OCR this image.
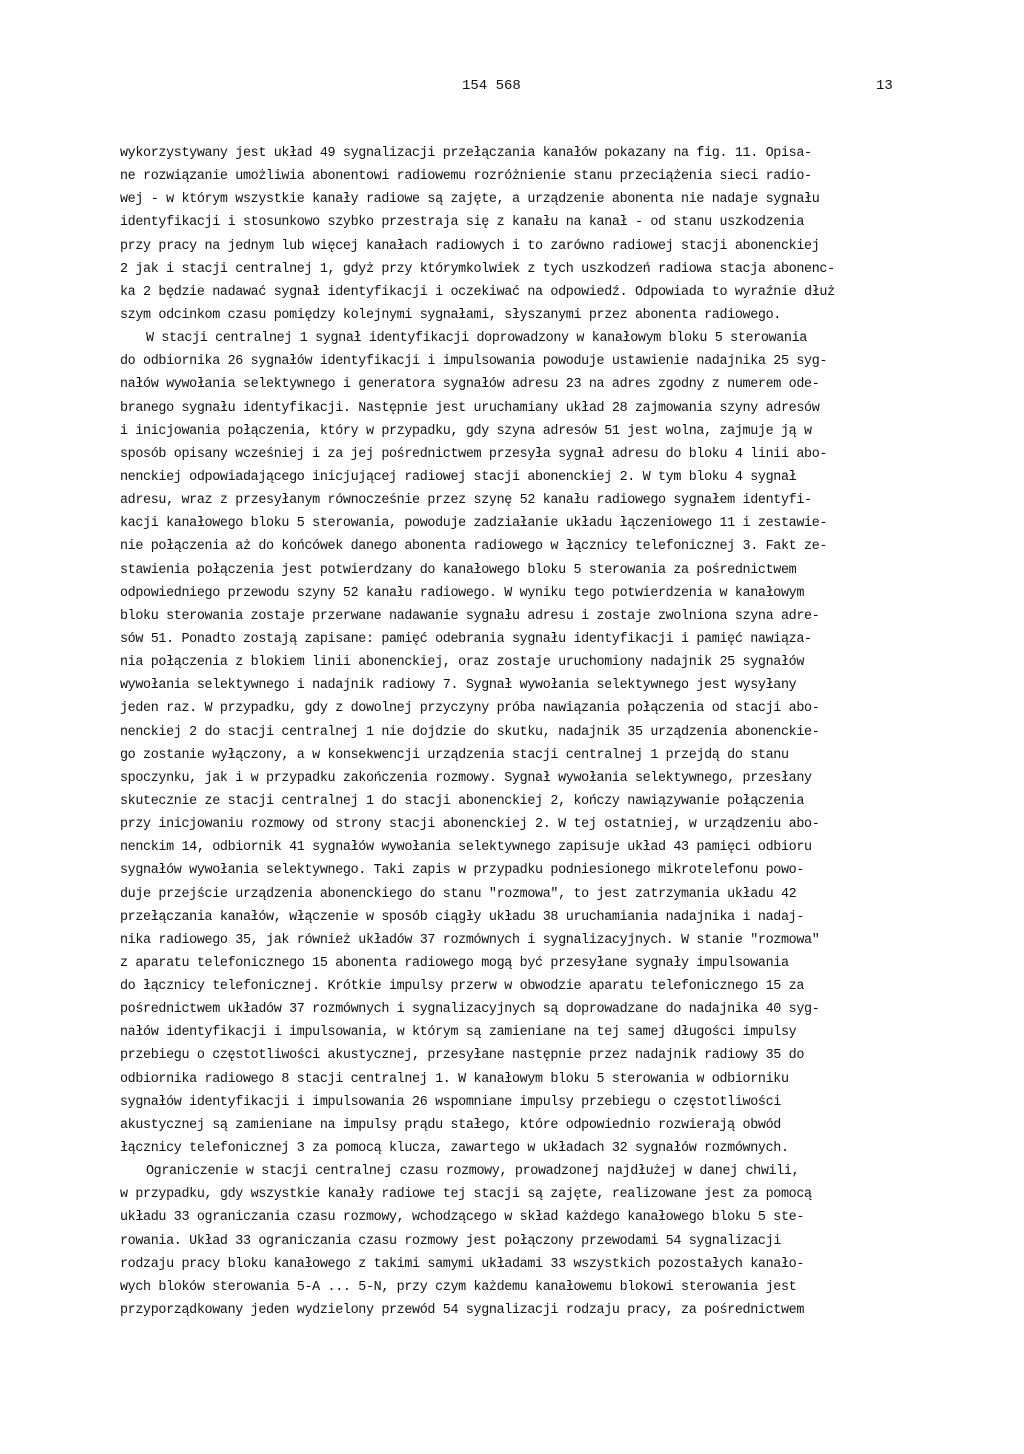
154 568	13
wykorzystywany jest układ 49 sygnalizacji przełączania kanałów pokazany na fig. 11. Opisa-
ne rozwiązanie umożliwia abonentowi radiowemu rozróżnienie stanu przeciążenia sieci radio-
wej - w którym wszystkie kanały radiowe są zajęte, a urządzenie abonenta nie nadaje sygnału
identyfikacji i stosunkowo szybko przestraja się z kanału na kanał - od stanu uszkodzenia
przy pracy na jednym lub więcej kanałach radiowych i to zarówno radiowej stacji abonenckiej
2 jak i stacji centralnej 1, gdyż przy którymkolwiek z tych uszkodzeń radiowa stacja abonenc-
ka 2 będzie nadawać sygnał identyfikacji i oczekiwać na odpowiedź. Odpowiada to wyraźnie dłuż
szym odcinkom czasu pomiędzy kolejnymi sygnałami, słyszanymi przez abonenta radiowego.
W stacji centralnej 1 sygnał identyfikacji doprowadzony w kanałowym bloku 5 sterowania
do odbiornika 26 sygnałów identyfikacji i impulsowania powoduje ustawienie nadajnika 25 syg-
nałów wywołania selektywnego i generatora sygnałów adresu 23 na adres zgodny z numerem ode-
branego sygnału identyfikacji. Następnie jest uruchamiany układ 28 zajmowania szyny adresów
i inicjowania połączenia, który w przypadku, gdy szyna adresów 51 jest wolna, zajmuje ją w
sposób opisany wcześniej i za jej pośrednictwem przesyła sygnał adresu do bloku 4 linii abo-
nenckiej odpowiadającego inicjującej radiowej stacji abonenckiej 2. W tym bloku 4 sygnał
adresu, wraz z przesyłanym równocześnie przez szynę 52 kanału radiowego sygnałem identyfi-
kacji kanałowego bloku 5 sterowania, powoduje zadziałanie układu łączeniowego 11 i zestawie-
nie połączenia aż do końcówek danego abonenta radiowego w łącznicy telefonicznej 3. Fakt ze-
stawienia połączenia jest potwierdzany do kanałowego bloku 5 sterowania za pośrednictwem
odpowiedniego przewodu szyny 52 kanału radiowego. W wyniku tego potwierdzenia w kanałowym
bloku sterowania zostaje przerwane nadawanie sygnału adresu i zostaje zwolniona szyna adre-
sów 51. Ponadto zostają zapisane: pamięć odebrania sygnału identyfikacji i pamięć nawiąza-
nia połączenia z blokiem linii abonenckiej, oraz zostaje uruchomiony nadajnik 25 sygnałów
wywołania selektywnego i nadajnik radiowy 7. Sygnał wywołania selektywnego jest wysyłany
jeden raz. W przypadku, gdy z dowolnej przyczyny próba nawiązania połączenia od stacji abo-
nenckiej 2 do stacji centralnej 1 nie dojdzie do skutku, nadajnik 35 urządzenia abonenckie-
go zostanie wyłączony, a w konsekwencji urządzenia stacji centralnej 1 przejdą do stanu
spoczynku, jak i w przypadku zakończenia rozmowy. Sygnał wywołania selektywnego, przesłany
skutecznie ze stacji centralnej 1 do stacji abonenckiej 2, kończy nawiązywanie połączenia
przy inicjowaniu rozmowy od strony stacji abonenckiej 2. W tej ostatniej, w urządzeniu abo-
nenckim 14, odbiornik 41 sygnałów wywołania selektywnego zapisuje układ 43 pamięci odbioru
sygnałów wywołania selektywnego. Taki zapis w przypadku podniesionego mikrotelefonu powo-
duje przejście urządzenia abonenckiego do stanu "rozmowa", to jest zatrzymania układu 42
przełączania kanałów, włączenie w sposób ciągły układu 38 uruchamiania nadajnika i nadaj-
nika radiowego 35, jak również układów 37 rozmównych i sygnalizacyjnych. W stanie "rozmowa"
z aparatu telefonicznego 15 abonenta radiowego mogą być przesyłane sygnały impulsowania
do łącznicy telefonicznej. Krótkie impulsy przerw w obwodzie aparatu telefonicznego 15 za
pośrednictwem układów 37 rozmównych i sygnalizacyjnych są doprowadzane do nadajnika 40 syg-
nałów identyfikacji i impulsowania, w którym są zamieniane na tej samej długości impulsy
przebiegu o częstotliwości akustycznej, przesyłane następnie przez nadajnik radiowy 35 do
odbiornika radiowego 8 stacji centralnej 1. W kanałowym bloku 5 sterowania w odbiorniku
sygnałów identyfikacji i impulsowania 26 wspomniane impulsy przebiegu o częstotliwości
akustycznej są zamieniane na impulsy prądu stałego, które odpowiednio rozwierają obwód
łącznicy telefonicznej 3 za pomocą klucza, zawartego w układach 32 sygnałów rozmównych.
Ograniczenie w stacji centralnej czasu rozmowy, prowadzonej najdłużej w danej chwili,
w przypadku, gdy wszystkie kanały radiowe tej stacji są zajęte, realizowane jest za pomocą
układu 33 ograniczania czasu rozmowy, wchodzącego w skład każdego kanałowego bloku 5 ste-
rowania. Układ 33 ograniczania czasu rozmowy jest połączony przewodami 54 sygnalizacji
rodzaju pracy bloku kanałowego z takimi samymi układami 33 wszystkich pozostałych kanało-
wych bloków sterowania 5-A ... 5-N, przy czym każdemu kanałowemu blokowi sterowania jest
przyporządkowany jeden wydzielony przewód 54 sygnalizacji rodzaju pracy, za pośrednictwem
